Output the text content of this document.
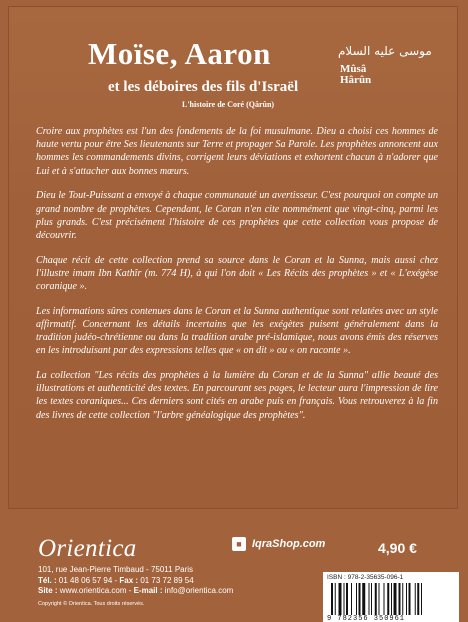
Moïse, Aaron	موسى عليه السلام
Mûsâ
Hârûn
et les déboires des fils d'Israël
L'histoire de Coré (Qârûn)

Croire aux prophètes est l'un des fondements de la foi musulmane. Dieu a choisi ces hommes de haute vertu pour être Ses lieutenants sur Terre et propager Sa Parole. Les prophètes annoncent aux hommes les commandements divins, corrigent leurs déviations et exhortent chacun à n'adorer que Lui et à s'attacher aux bonnes mœurs.

Dieu le Tout-Puissant a envoyé à chaque communauté un avertisseur. C'est pourquoi on compte un grand nombre de prophètes. Cependant, le Coran n'en cite nommément que vingt-cinq, parmi les plus grands. C'est précisément l'histoire de ces prophètes que cette collection vous propose de découvrir.

Chaque récit de cette collection prend sa source dans le Coran et la Sunna, mais aussi chez l'illustre imam Ibn Kathîr (m. 774 H), à qui l'on doit « Les Récits des prophètes » et « L'exégèse coranique ».

Les informations sûres contenues dans le Coran et la Sunna authentique sont relatées avec un style affirmatif. Concernant les détails incertains que les exégètes puisent généralement dans la tradition judéo-chrétienne ou dans la tradition arabe pré-islamique, nous avons émis des réserves en les introduisant par des expressions telles que « on dit » ou « on raconte ».

La collection "Les récits des prophètes à la lumière du Coran et de la Sunna" allie beauté des illustrations et authenticité des textes. En parcourant ses pages, le lecteur aura l'impression de lire les textes coraniques... Ces derniers sont cités en arabe puis en français. Vous retrouverez à la fin des livres de cette collection "l'arbre généalogique des prophètes".

Orientica
101, rue Jean-Pierre Timbaud - 75011 Paris
Tél. : 01 48 06 57 94 - Fax : 01 73 72 89 54
Site : www.orientica.com - E-mail : info@orientica.com
■ IqraShop.com	4,90 €
ISBN : 978-2-35635-096-1
9 782356 350961
Copyright © Orientica. Tous droits réservés.
